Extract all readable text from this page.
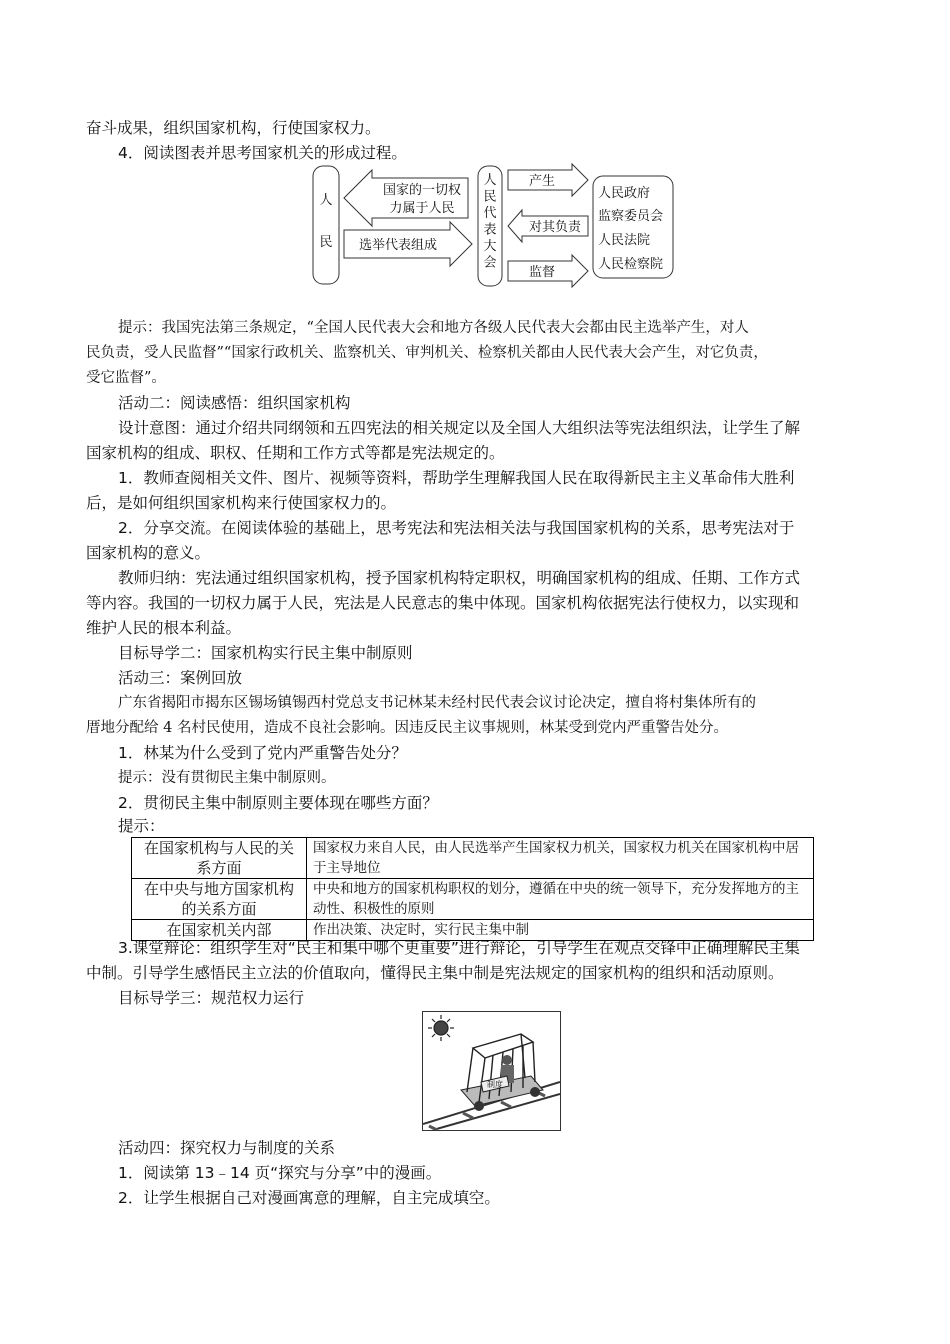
奋斗成果，组织国家机构，行使国家权力。
4．阅读图表并思考国家机关的形成过程。
人
民
国家的一切权
力属于人民
选举代表组成
人
民
代
表
大
会
产生
对其负责
监督
人民政府
监察委员会
人民法院
人民检察院
提示：我国宪法第三条规定，“全国人民代表大会和地方各级人民代表大会都由民主选举产生，对人
民负责，受人民监督”“国家行政机关、监察机关、审判机关、检察机关都由人民代表大会产生，对它负责，
受它监督”。
活动二：阅读感悟：组织国家机构
设计意图：通过介绍共同纲领和五四宪法的相关规定以及全国人大组织法等宪法组织法，让学生了解
国家机构的组成、职权、任期和工作方式等都是宪法规定的。
1．教师查阅相关文件、图片、视频等资料，帮助学生理解我国人民在取得新民主主义革命伟大胜利
后，是如何组织国家机构来行使国家权力的。
2．分享交流。在阅读体验的基础上，思考宪法和宪法相关法与我国国家机构的关系，思考宪法对于
国家机构的意义。
教师归纳：宪法通过组织国家机构，授予国家机构特定职权，明确国家机构的组成、任期、工作方式
等内容。我国的一切权力属于人民，宪法是人民意志的集中体现。国家机构依据宪法行使权力，以实现和
维护人民的根本利益。
目标导学二：国家机构实行民主集中制原则
活动三：案例回放
广东省揭阳市揭东区锡场镇锡西村党总支书记林某未经村民代表会议讨论决定，擅自将村集体所有的
厝地分配给 4 名村民使用，造成不良社会影响。因违反民主议事规则，林某受到党内严重警告处分。
1．林某为什么受到了党内严重警告处分？
提示：没有贯彻民主集中制原则。
2．贯彻民主集中制原则主要体现在哪些方面？
提示：
在国家机构与人民的关系方面	国家权力来自人民，由人民选举产生国家权力机关，国家权力机关在国家机构中居于主导地位
在中央与地方国家机构的关系方面	中央和地方的国家机构职权的划分，遵循在中央的统一领导下，充分发挥地方的主动性、积极性的原则
在国家机关内部	作出决策、决定时，实行民主集中制
3.课堂辩论：组织学生对“民主和集中哪个更重要”进行辩论，引导学生在观点交锋中正确理解民主集
中制。引导学生感悟民主立法的价值取向，懂得民主集中制是宪法规定的国家机构的组织和活动原则。
目标导学三：规范权力运行
制度
活动四：探究权力与制度的关系
1．阅读第 13﹣14 页“探究与分享”中的漫画。
2．让学生根据自己对漫画寓意的理解，自主完成填空。
